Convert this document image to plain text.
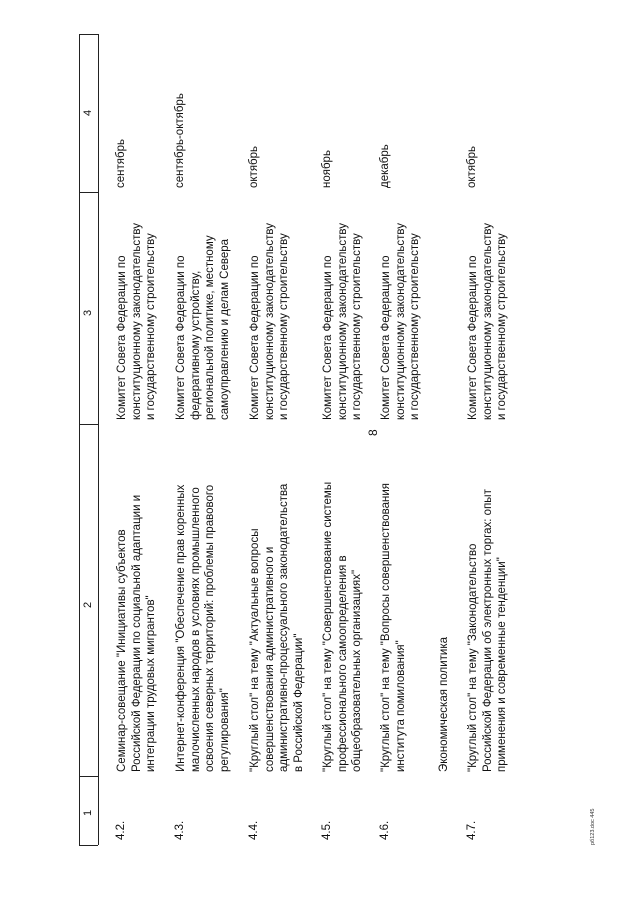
8
1
2
3
4
4.2.
Семинар-совещание "Инициативы субъектов Российской Федерации по социальной адаптации и интеграции трудовых мигрантов"
Комитет Совета Федерации по конституционному законодательству и государственному строительству
сентябрь
4.3.
Интернет-конференция "Обеспечение прав коренных малочисленных народов в условиях промышленного освоения северных территорий: проблемы правового регулирования"
Комитет Совета Федерации по федеративному устройству, региональной политике, местному самоуправлению и делам Севера
сентябрь-октябрь
4.4.
"Круглый стол" на тему "Актуальные вопросы совершенствования административного и административно-процессуального законодательства в Российской Федерации"
Комитет Совета Федерации по конституционному законодательству и государственному строительству
октябрь
4.5.
"Круглый стол" на тему "Совершенствование системы профессионального самоопределения в общеобразовательных организациях"
Комитет Совета Федерации по конституционному законодательству и государственному строительству
ноябрь
4.6.
"Круглый стол" на тему "Вопросы совершенствования института помилования"
Комитет Совета Федерации по конституционному законодательству и государственному строительству
декабрь
Экономическая политика
4.7.
"Круглый стол" на тему "Законодательство Российской Федерации об электронных торгах: опыт применения и современные тенденции"
Комитет Совета Федерации по конституционному законодательству и государственному строительству
октябрь
рб123.doc 445
